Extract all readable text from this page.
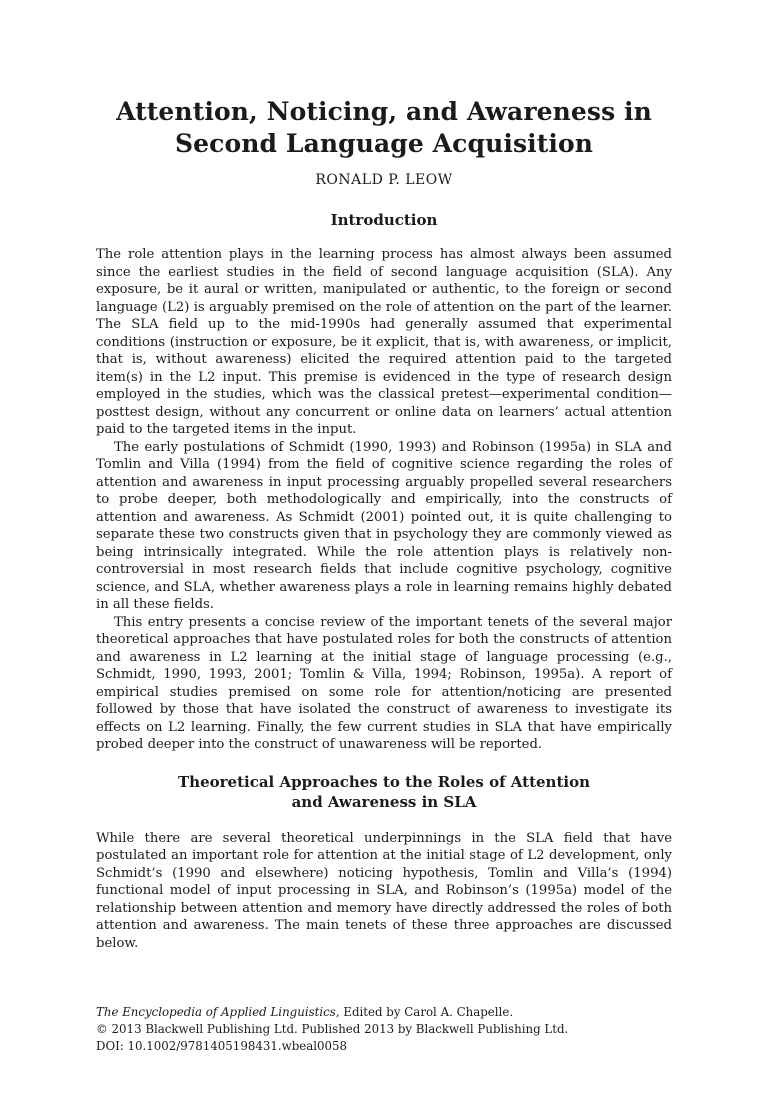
Attention, Noticing, and Awareness in
Second Language Acquisition
RONALD P. LEOW
Introduction

The role attention plays in the learning process has almost always been assumed since the earliest studies in the field of second language acquisition (SLA). Any exposure, be it aural or written, manipulated or authentic, to the foreign or second language (L2) is arguably premised on the role of attention on the part of the learner. The SLA field up to the mid-1990s had generally assumed that experimental conditions (instruction or exposure, be it explicit, that is, with awareness, or implicit, that is, without awareness) elicited the required attention paid to the targeted item(s) in the L2 input. This premise is evidenced in the type of research design employed in the studies, which was the classical pretest—experimental condition—posttest design, without any concurrent or online data on learners’ actual attention paid to the targeted items in the input.

The early postulations of Schmidt (1990, 1993) and Robinson (1995a) in SLA and Tomlin and Villa (1994) from the field of cognitive science regarding the roles of attention and awareness in input processing arguably propelled several researchers to probe deeper, both methodologically and empirically, into the constructs of attention and awareness. As Schmidt (2001) pointed out, it is quite challenging to separate these two constructs given that in psychology they are commonly viewed as being intrinsically integrated. While the role attention plays is relatively non-controversial in most research fields that include cognitive psychology, cognitive science, and SLA, whether awareness plays a role in learning remains highly debated in all these fields.

This entry presents a concise review of the important tenets of the several major theoretical approaches that have postulated roles for both the constructs of attention and awareness in L2 learning at the initial stage of language processing (e.g., Schmidt, 1990, 1993, 2001; Tomlin & Villa, 1994; Robinson, 1995a). A report of empirical studies premised on some role for attention/noticing are presented followed by those that have isolated the construct of awareness to investigate its effects on L2 learning. Finally, the few current studies in SLA that have empirically probed deeper into the construct of unawareness will be reported.

Theoretical Approaches to the Roles of Attention
and Awareness in SLA

While there are several theoretical underpinnings in the SLA field that have postulated an important role for attention at the initial stage of L2 development, only Schmidt’s (1990 and elsewhere) noticing hypothesis, Tomlin and Villa’s (1994) functional model of input processing in SLA, and Robinson’s (1995a) model of the relationship between attention and memory have directly addressed the roles of both attention and awareness. The main tenets of these three approaches are discussed below.

The Encyclopedia of Applied Linguistics, Edited by Carol A. Chapelle.
© 2013 Blackwell Publishing Ltd. Published 2013 by Blackwell Publishing Ltd.
DOI: 10.1002/9781405198431.wbeal0058
